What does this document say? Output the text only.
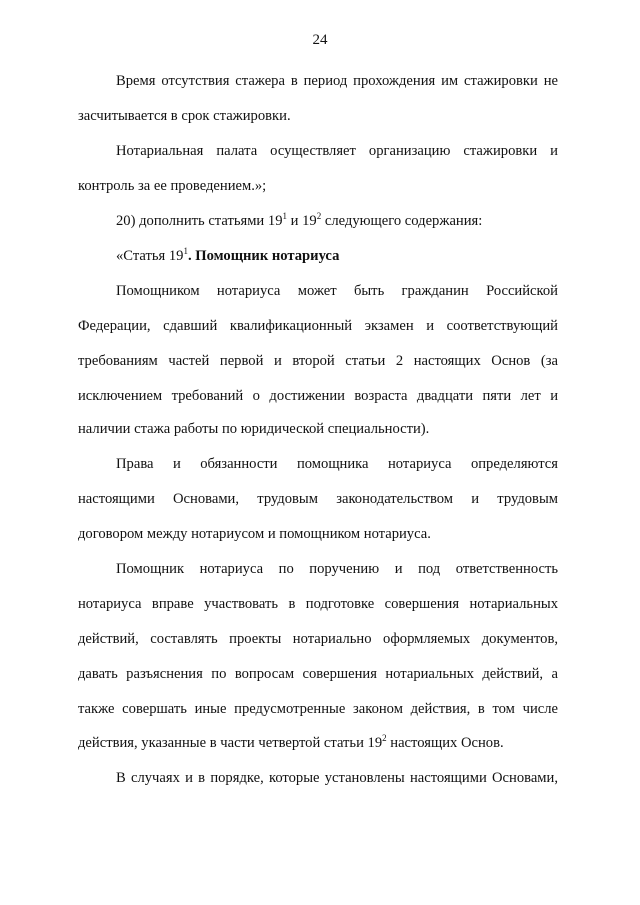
24
Время отсутствия стажера в период прохождения им стажировки не
засчитывается в срок стажировки.
Нотариальная палата осуществляет организацию стажировки и
контроль за ее проведением.»;
20) дополнить статьями $19^1$ и $19^2$ следующего содержания:
«Статья $19^1$. Помощник нотариуса
Помощником нотариуса может быть гражданин Российской
Федерации, сдавший квалификационный экзамен и соответствующий
требованиям частей первой и второй статьи 2 настоящих Основ (за
исключением требований о достижении возраста двадцати пяти лет и
наличии стажа работы по юридической специальности).
Права и обязанности помощника нотариуса определяются
настоящими Основами, трудовым законодательством и трудовым
договором между нотариусом и помощником нотариуса.
Помощник нотариуса по поручению и под ответственность
нотариуса вправе участвовать в подготовке совершения нотариальных
действий, составлять проекты нотариально оформляемых документов,
давать разъяснения по вопросам совершения нотариальных действий, а
также совершать иные предусмотренные законом действия, в том числе
действия, указанные в части четвертой статьи $19^2$ настоящих Основ.
В случаях и в порядке, которые установлены настоящими Основами,
